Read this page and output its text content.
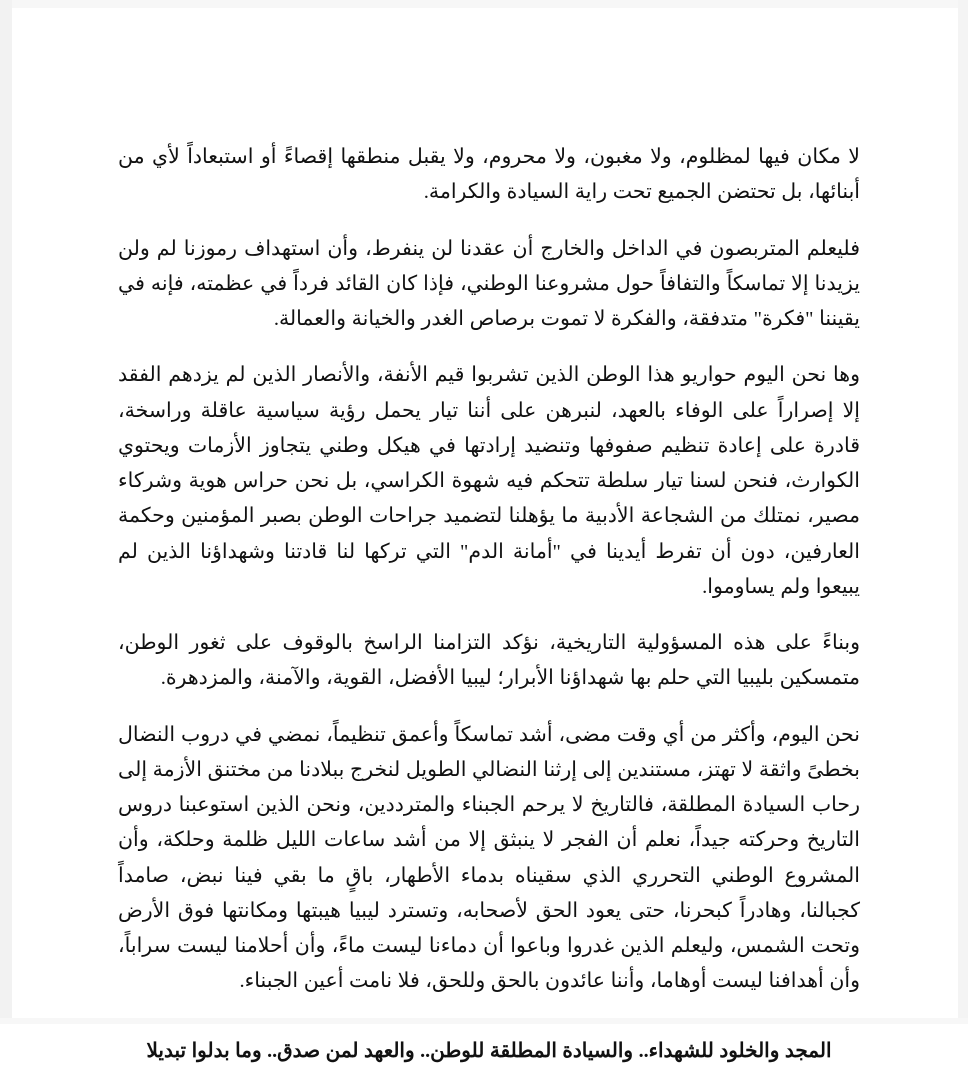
لا مكان فيها لمظلوم، ولا مغبون، ولا محروم، ولا يقبل منطقها إقصاءً أو استبعاداً لأي من أبنائها، بل تحتضن الجميع تحت راية السيادة والكرامة.

فليعلم المتربصون في الداخل والخارج أن عقدنا لن ينفرط، وأن استهداف رموزنا لم ولن يزيدنا إلا تماسكاً والتفافاً حول مشروعنا الوطني، فإذا كان القائد فرداً في عظمته، فإنه في يقيننا "فكرة" متدفقة، والفكرة لا تموت برصاص الغدر والخيانة والعمالة.

وها نحن اليوم حواريو هذا الوطن الذين تشربوا قيم الأنفة، والأنصار الذين لم يزدهم الفقد إلا إصراراً على الوفاء بالعهد، لنبرهن على أننا تيار يحمل رؤية سياسية عاقلة وراسخة، قادرة على إعادة تنظيم صفوفها وتنضيد إرادتها في هيكل وطني يتجاوز الأزمات ويحتوي الكوارث، فنحن لسنا تيار سلطة تتحكم فيه شهوة الكراسي، بل نحن حراس هوية وشركاء مصير، نمتلك من الشجاعة الأدبية ما يؤهلنا لتضميد جراحات الوطن بصبر المؤمنين وحكمة العارفين، دون أن تفرط أيدينا في "أمانة الدم" التي تركها لنا قادتنا وشهداؤنا الذين لم يبيعوا ولم يساوموا.

وبناءً على هذه المسؤولية التاريخية، نؤكد التزامنا الراسخ بالوقوف على ثغور الوطن، متمسكين بليبيا التي حلم بها شهداؤنا الأبرار؛ ليبيا الأفضل، القوية، والآمنة، والمزدهرة.

نحن اليوم، وأكثر من أي وقت مضى، أشد تماسكاً وأعمق تنظيماً، نمضي في دروب النضال بخطىً واثقة لا تهتز، مستندين إلى إرثنا النضالي الطويل لنخرج ببلادنا من مختنق الأزمة إلى رحاب السيادة المطلقة، فالتاريخ لا يرحم الجبناء والمترددين، ونحن الذين استوعبنا دروس التاريخ وحركته جيداً، نعلم أن الفجر لا ينبثق إلا من أشد ساعات الليل ظلمة وحلكة، وأن المشروع الوطني التحرري الذي سقيناه بدماء الأطهار، باقٍ ما بقي فينا نبض، صامداً كجبالنا، وهادراً كبحرنا، حتى يعود الحق لأصحابه، وتسترد ليبيا هيبتها ومكانتها فوق الأرض وتحت الشمس، وليعلم الذين غدروا وباعوا أن دماءنا ليست ماءً، وأن أحلامنا ليست سراباً، وأن أهدافنا ليست أوهاما، وأننا عائدون بالحق وللحق، فلا نامت أعين الجبناء.

المجد والخلود للشهداء.. والسيادة المطلقة للوطن.. والعهد لمن صدق.. وما بدلوا تبديلا
